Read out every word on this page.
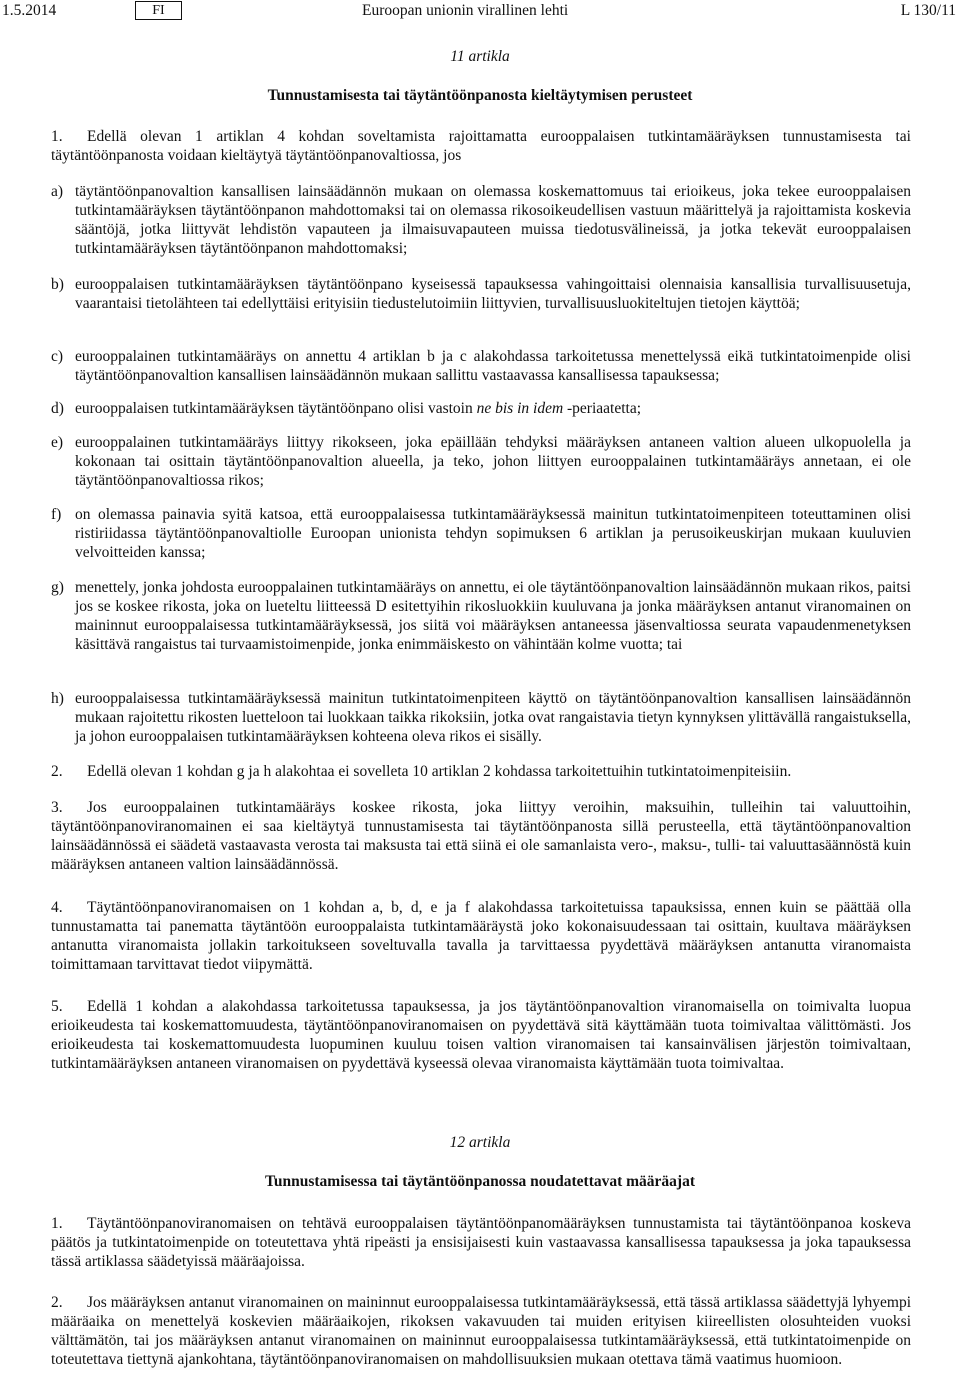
1.5.2014	FI	Euroopan unionin virallinen lehti	L 130/11
11 artikla
Tunnustamisesta tai täytäntöönpanosta kieltäytymisen perusteet
1. Edellä olevan 1 artiklan 4 kohdan soveltamista rajoittamatta eurooppalaisen tutkintamääräyksen tunnustamisesta tai täytäntöönpanosta voidaan kieltäytyä täytäntöönpanovaltiossa, jos
a) täytäntöönpanovaltion kansallisen lainsäädännön mukaan on olemassa koskemattomuus tai erioikeus, joka tekee eurooppalaisen tutkintamääräyksen täytäntöönpanon mahdottomaksi tai on olemassa rikosoikeudellisen vastuun määrittelyä ja rajoittamista koskevia sääntöjä, jotka liittyvät lehdistön vapauteen ja ilmaisuvapauteen muissa tiedotusvälineissä, ja jotka tekevät eurooppalaisen tutkintamääräyksen täytäntöönpanon mahdottomaksi;
b) eurooppalaisen tutkintamääräyksen täytäntöönpano kyseisessä tapauksessa vahingoittaisi olennaisia kansallisia turvallisuusetuja, vaarantaisi tietolähteen tai edellyttäisi erityisiin tiedustelutoimiin liittyvien, turvallisuusluokiteltujen tietojen käyttöä;
c) eurooppalainen tutkintamääräys on annettu 4 artiklan b ja c alakohdassa tarkoitetussa menettelyssä eikä tutkintatoimenpide olisi täytäntöönpanovaltion kansallisen lainsäädännön mukaan sallittu vastaavassa kansallisessa tapauksessa;
d) eurooppalaisen tutkintamääräyksen täytäntöönpano olisi vastoin ne bis in idem -periaatetta;
e) eurooppalainen tutkintamääräys liittyy rikokseen, joka epäillään tehdyksi määräyksen antaneen valtion alueen ulkopuolella ja kokonaan tai osittain täytäntöönpanovaltion alueella, ja teko, johon liittyen eurooppalainen tutkintamääräys annetaan, ei ole täytäntöönpanovaltiossa rikos;
f) on olemassa painavia syitä katsoa, että eurooppalaisessa tutkintamääräyksessä mainitun tutkintatoimenpiteen toteuttaminen olisi ristiriidassa täytäntöönpanovaltiolle Euroopan unionista tehdyn sopimuksen 6 artiklan ja perusoikeuskirjan mukaan kuuluvien velvoitteiden kanssa;
g) menettely, jonka johdosta eurooppalainen tutkintamääräys on annettu, ei ole täytäntöönpanovaltion lainsäädännön mukaan rikos, paitsi jos se koskee rikosta, joka on lueteltu liitteessä D esitettyihin rikosluokkiin kuuluvana ja jonka määräyksen antanut viranomainen on maininnut eurooppalaisessa tutkintamääräyksessä, jos siitä voi määräyksen antaneessa jäsenvaltiossa seurata vapaudenmenetyksen käsittävä rangaistus tai turvaamistoimenpide, jonka enimmäiskesto on vähintään kolme vuotta; tai
h) eurooppalaisessa tutkintamääräyksessä mainitun tutkintatoimenpiteen käyttö on täytäntöönpanovaltion kansallisen lainsäädännön mukaan rajoitettu rikosten luetteloon tai luokkaan taikka rikoksiin, jotka ovat rangaistavia tietyn kynnyksen ylittävällä rangaistuksella, ja johon eurooppalaisen tutkintamääräyksen kohteena oleva rikos ei sisälly.
2. Edellä olevan 1 kohdan g ja h alakohtaa ei sovelleta 10 artiklan 2 kohdassa tarkoitettuihin tutkintatoimenpiteisiin.
3. Jos eurooppalainen tutkintamääräys koskee rikosta, joka liittyy veroihin, maksuihin, tulleihin tai valuuttoihin, täytäntöönpanoviranomainen ei saa kieltäytyä tunnustamisesta tai täytäntöönpanosta sillä perusteella, että täytäntöönpanovaltion lainsäädännössä ei säädetä vastaavasta verosta tai maksusta tai että siinä ei ole samanlaista vero-, maksu-, tulli- tai valuuttasäännöstä kuin määräyksen antaneen valtion lainsäädännössä.
4. Täytäntöönpanoviranomaisen on 1 kohdan a, b, d, e ja f alakohdassa tarkoitetuissa tapauksissa, ennen kuin se päättää olla tunnustamatta tai panematta täytäntöön eurooppalaista tutkintamääräystä joko kokonaisuudessaan tai osittain, kuultava määräyksen antanutta viranomaista jollakin tarkoitukseen soveltuvalla tavalla ja tarvittaessa pyydettävä määräyksen antanutta viranomaista toimittamaan tarvittavat tiedot viipymättä.
5. Edellä 1 kohdan a alakohdassa tarkoitetussa tapauksessa, ja jos täytäntöönpanovaltion viranomaisella on toimivalta luopua erioikeudesta tai koskemattomuudesta, täytäntöönpanoviranomaisen on pyydettävä sitä käyttämään tuota toimivaltaa välittömästi. Jos erioikeudesta tai koskemattomuudesta luopuminen kuuluu toisen valtion viranomaisen tai kansainvälisen järjestön toimivaltaan, tutkintamääräyksen antaneen viranomaisen on pyydettävä kyseessä olevaa viranomaista käyttämään tuota toimivaltaa.
12 artikla
Tunnustamisessa tai täytäntöönpanossa noudatettavat määräajat
1. Täytäntöönpanoviranomaisen on tehtävä eurooppalaisen täytäntöönpanomääräyksen tunnustamista tai täytäntöönpanoa koskeva päätös ja tutkintatoimenpide on toteutettava yhtä ripeästi ja ensisijaisesti kuin vastaavassa kansallisessa tapauksessa ja joka tapauksessa tässä artiklassa säädetyissä määräajoissa.
2. Jos määräyksen antanut viranomainen on maininnut eurooppalaisessa tutkintamääräyksessä, että tässä artiklassa säädettyjä lyhyempi määräaika on menettelyä koskevien määräaikojen, rikoksen vakavuuden tai muiden erityisen kiireellisten olosuhteiden vuoksi välttämätön, tai jos määräyksen antanut viranomainen on maininnut eurooppalaisessa tutkintamääräyksessä, että tutkintatoimenpide on toteutettava tiettynä ajankohtana, täytäntöönpanoviranomaisen on mahdollisuuksien mukaan otettava tämä vaatimus huomioon.
